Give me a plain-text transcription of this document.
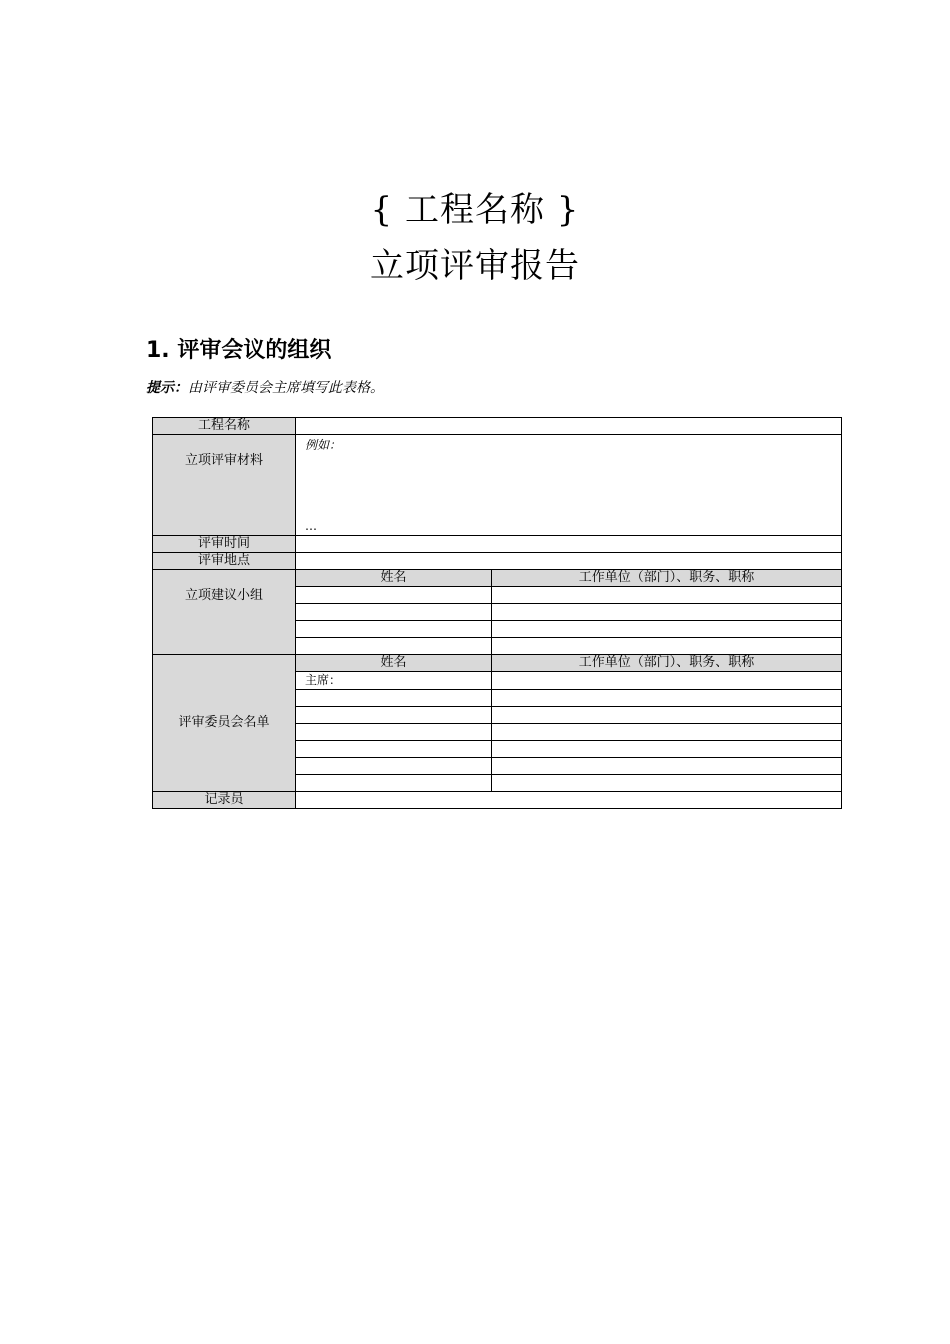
{ 工程名称 }
立项评审报告
1. 评审会议的组织
提示：由评审委员会主席填写此表格。
工程名称		
立项评审材料	例如：
…	

评审时间		
评审地点		
立项建议小组	姓名	工作单位（部门）、职务、职称

评审委员会名单	姓名	工作单位（部门）、职务、职称
	主席：	

记录员		
